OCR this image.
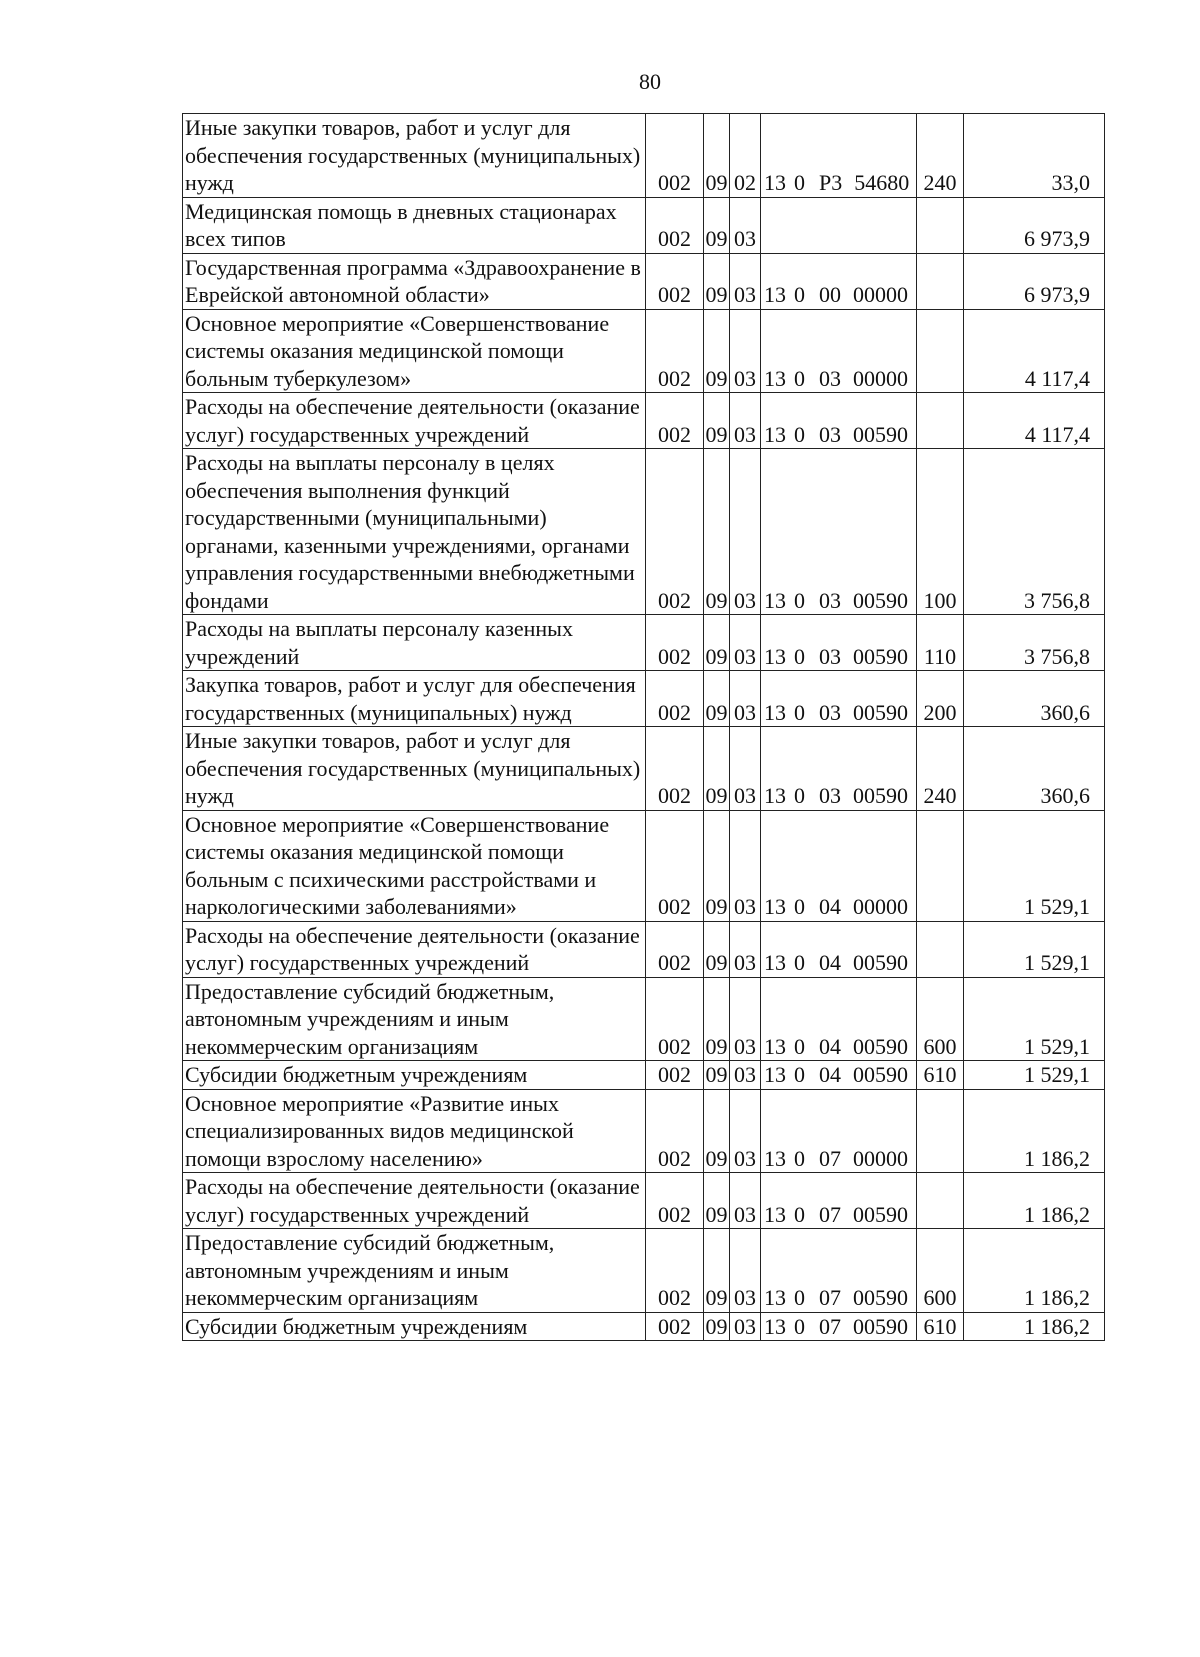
80
Иные закупки товаров, работ и услуг для обеспечения государственных (муниципальных) нужд	002	09	02	13 0 Р3 54680	240	33,0
Медицинская помощь в дневных стационарах всех типов	002	09	03			6 973,9
Государственная программа «Здравоохранение в Еврейской автономной области»	002	09	03	13 0 00 00000		6 973,9
Основное мероприятие «Совершенствование системы оказания медицинской помощи больным туберкулезом»	002	09	03	13 0 03 00000		4 117,4
Расходы на обеспечение деятельности (оказание услуг) государственных учреждений	002	09	03	13 0 03 00590		4 117,4
Расходы на выплаты персоналу в целях обеспечения выполнения функций государственными (муниципальными) органами, казенными учреждениями, органами управления государственными внебюджетными фондами	002	09	03	13 0 03 00590	100	3 756,8
Расходы на выплаты персоналу казенных учреждений	002	09	03	13 0 03 00590	110	3 756,8
Закупка товаров, работ и услуг для обеспечения государственных (муниципальных) нужд	002	09	03	13 0 03 00590	200	360,6
Иные закупки товаров, работ и услуг для обеспечения государственных (муниципальных) нужд	002	09	03	13 0 03 00590	240	360,6
Основное мероприятие «Совершенствование системы оказания медицинской помощи больным с психическими расстройствами и наркологическими заболеваниями»	002	09	03	13 0 04 00000		1 529,1
Расходы на обеспечение деятельности (оказание услуг) государственных учреждений	002	09	03	13 0 04 00590		1 529,1
Предоставление субсидий бюджетным, автономным учреждениям и иным некоммерческим организациям	002	09	03	13 0 04 00590	600	1 529,1
Субсидии бюджетным учреждениям	002	09	03	13 0 04 00590	610	1 529,1
Основное мероприятие «Развитие иных специализированных видов медицинской помощи взрослому населению»	002	09	03	13 0 07 00000		1 186,2
Расходы на обеспечение деятельности (оказание услуг) государственных учреждений	002	09	03	13 0 07 00590		1 186,2
Предоставление субсидий бюджетным, автономным учреждениям и иным некоммерческим организациям	002	09	03	13 0 07 00590	600	1 186,2
Субсидии бюджетным учреждениям	002	09	03	13 0 07 00590	610	1 186,2
